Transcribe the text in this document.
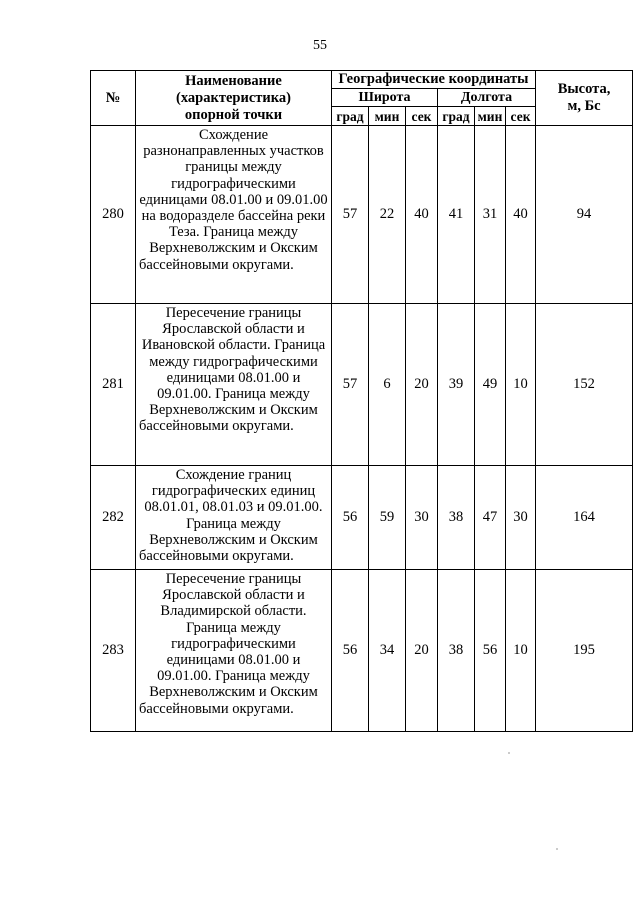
55
№	Наименование
(характеристика)
опорной точки	Географические координаты						Высота,
м, Бс
		Широта			Долгота			
		град	мин	сек	град	мин	сек	
280	Схождение разнонаправленных участков границы между гидрографическими единицами 08.01.00 и 09.01.00 на водоразделе бассейна реки Теза. Граница между Верхневолжским и Окским бассейновыми округами.	57	22	40	41	31	40	94
281	Пересечение границы Ярославской области и Ивановской области. Граница между гидрографическими единицами 08.01.00 и 09.01.00. Граница между Верхневолжским и Окским бассейновыми округами.	57	6	20	39	49	10	152
282	Схождение границ гидрографических единиц 08.01.01, 08.01.03 и 09.01.00. Граница между Верхневолжским и Окским бассейновыми округами.	56	59	30	38	47	30	164
283	Пересечение границы Ярославской области и Владимирской области. Граница между гидрографическими единицами 08.01.00 и 09.01.00. Граница между Верхневолжским и Окским бассейновыми округами.	56	34	20	38	56	10	195
